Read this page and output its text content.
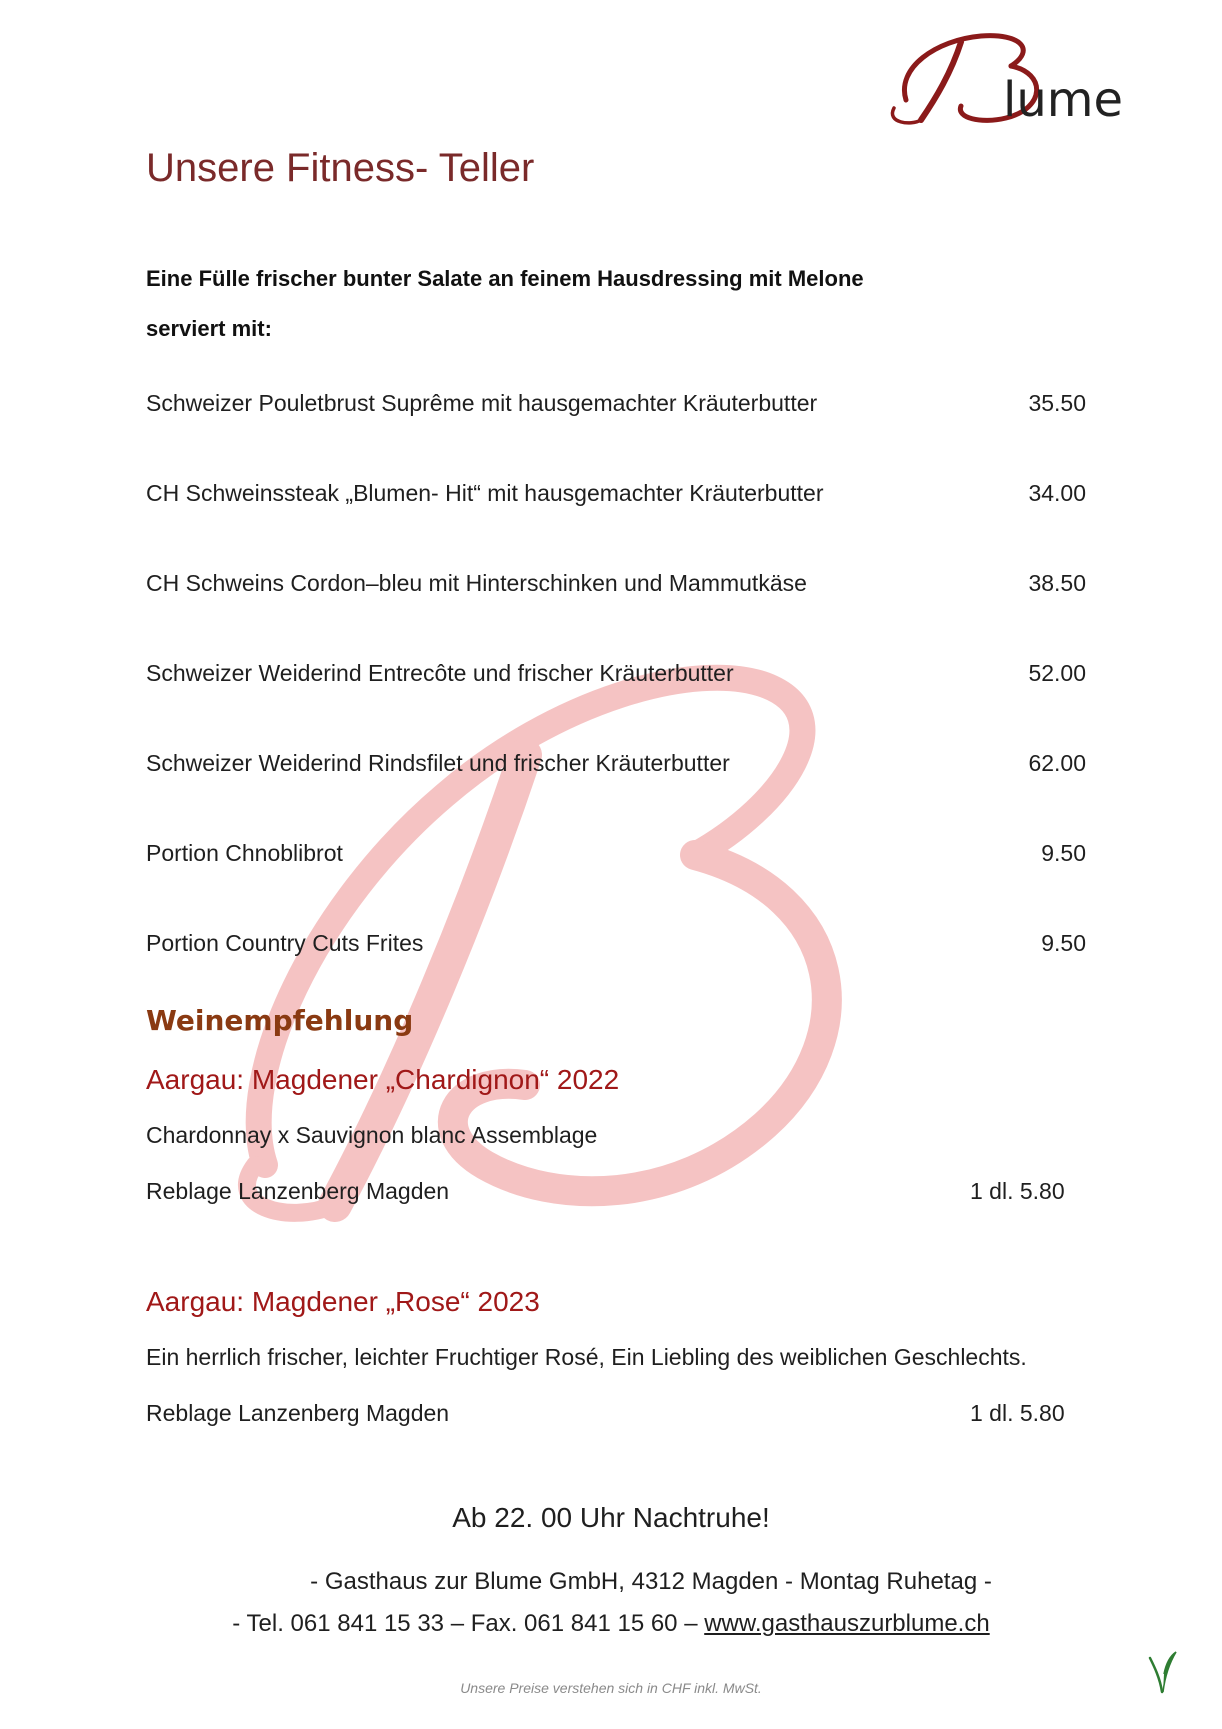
lume
Unsere Fitness- Teller
Eine Fülle frischer bunter Salate an feinem Hausdressing mit Melone
serviert mit:
Schweizer Pouletbrust Suprême mit hausgemachter Kräuterbutter	35.50
CH Schweinssteak „Blumen- Hit“ mit hausgemachter Kräuterbutter	34.00
CH Schweins Cordon–bleu mit Hinterschinken und Mammutkäse	38.50
Schweizer Weiderind Entrecôte und frischer Kräuterbutter	52.00
Schweizer Weiderind Rindsfilet und frischer Kräuterbutter	62.00
Portion Chnoblibrot	9.50
Portion Country Cuts Frites	9.50
Weinempfehlung
Aargau: Magdener „Chardignon“ 2022
Chardonnay x Sauvignon blanc Assemblage
Reblage Lanzenberg Magden	1 dl. 5.80
Aargau: Magdener „Rose“ 2023
Ein herrlich frischer, leichter Fruchtiger Rosé, Ein Liebling des weiblichen Geschlechts.
Reblage Lanzenberg Magden	1 dl. 5.80
Ab 22. 00 Uhr Nachtruhe!
- Gasthaus zur Blume GmbH, 4312 Magden - Montag Ruhetag -
- Tel. 061 841 15 33 – Fax. 061 841 15 60 – www.gasthauszurblume.ch
Unsere Preise verstehen sich in CHF inkl. MwSt.
